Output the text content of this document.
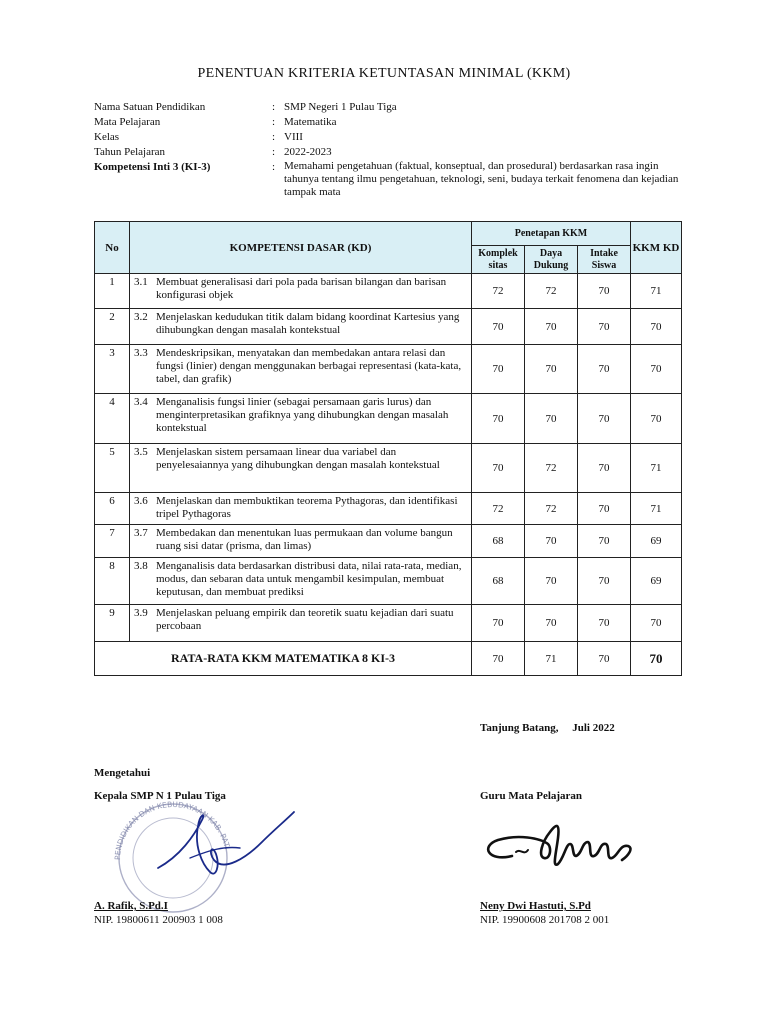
PENENTUAN KRITERIA KETUNTASAN MINIMAL (KKM)
Nama Satuan Pendidikan	: SMP Negeri 1 Pulau Tiga
Mata Pelajaran	: Matematika
Kelas	: VIII
Tahun Pelajaran	: 2022-2023
Kompetensi Inti 3 (KI-3)	: Memahami pengetahuan (faktual, konseptual, dan prosedural) berdasarkan rasa ingin tahunya tentang ilmu pengetahuan, teknologi, seni, budaya terkait fenomena dan kejadian tampak mata
No	KOMPETENSI DASAR (KD)	Penetapan KKM			KKM KD
		Komplek sitas	Daya Dukung	Intake Siswa	
1	3.1 Membuat generalisasi dari pola pada barisan bilangan dan barisan konfigurasi objek	72	72	70	71
2	3.2 Menjelaskan kedudukan titik dalam bidang koordinat Kartesius yang dihubungkan dengan masalah kontekstual	70	70	70	70
3	3.3 Mendeskripsikan, menyatakan dan membedakan antara relasi dan fungsi (linier) dengan menggunakan berbagai representasi (kata-kata, tabel, dan grafik)	70	70	70	70
4	3.4 Menganalisis fungsi linier (sebagai persamaan garis lurus) dan menginterpretasikan grafiknya yang dihubungkan dengan masalah kontekstual	70	70	70	70
5	3.5 Menjelaskan sistem persamaan linear dua variabel dan penyelesaiannya yang dihubungkan dengan masalah kontekstual	70	72	70	71
6	3.6 Menjelaskan dan membuktikan teorema Pythagoras, dan identifikasi tripel Pythagoras	72	72	70	71
7	3.7 Membedakan dan menentukan luas permukaan dan volume bangun ruang sisi datar (prisma, dan limas)	68	70	70	69
8	3.8 Menganalisis data berdasarkan distribusi data, nilai rata-rata, median, modus, dan sebaran data untuk mengambil kesimpulan, membuat keputusan, dan membuat prediksi	68	70	70	69
9	3.9 Menjelaskan peluang empirik dan teoretik suatu kejadian dari suatu percobaan	70	70	70	70
RATA-RATA KKM MATEMATIKA 8 KI-3		70	71	70	70
Tanjung Batang,     Juli 2022
Mengetahui
Kepala SMP N 1 Pulau Tiga	Guru Mata Pelajaran
PENDIDIKAN DAN KEBUDAYAAN KAB. PATI
A. Rafik, S.Pd.I
NIP. 19800611 200903 1 008
Neny Dwi Hastuti, S.Pd
NIP. 19900608 201708 2 001
